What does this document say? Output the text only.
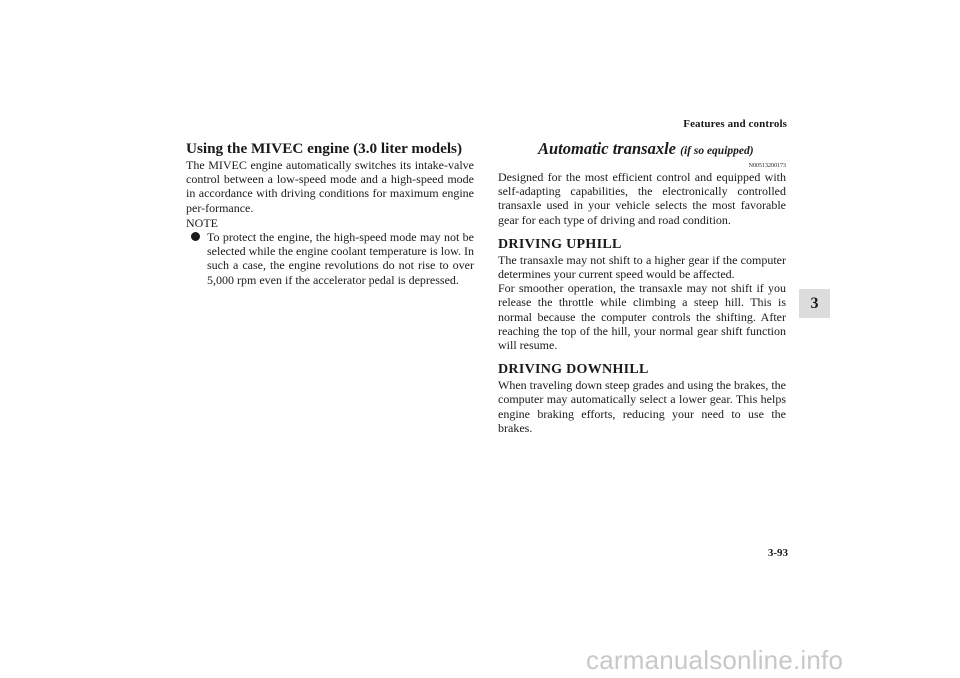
Features and controls
3
Using the MIVEC engine (3.0 liter models)

The MIVEC engine automatically switches its intake-valve control between a low-speed mode and a high-speed mode in accordance with driving conditions for maximum engine per-formance.

NOTE
To protect the engine, the high-speed mode may not be selected while the engine coolant temperature is low. In such a case, the engine revolutions do not rise to over 5,000 rpm even if the accelerator pedal is depressed.
Automatic transaxle (if so equipped)
N00513200173

Designed for the most efficient control and equipped with self-adapting capabilities, the electronically controlled transaxle used in your vehicle selects the most favorable gear for each type of driving and road condition.

DRIVING UPHILL

The transaxle may not shift to a higher gear if the computer determines your current speed would be affected.

For smoother operation, the transaxle may not shift if you release the throttle while climbing a steep hill. This is normal because the computer controls the shifting. After reaching the top of the hill, your normal gear shift function will resume.

DRIVING DOWNHILL

When traveling down steep grades and using the brakes, the computer may automatically select a lower gear. This helps engine braking efforts, reducing your need to use the brakes.

3-93
carmanualsonline.info
